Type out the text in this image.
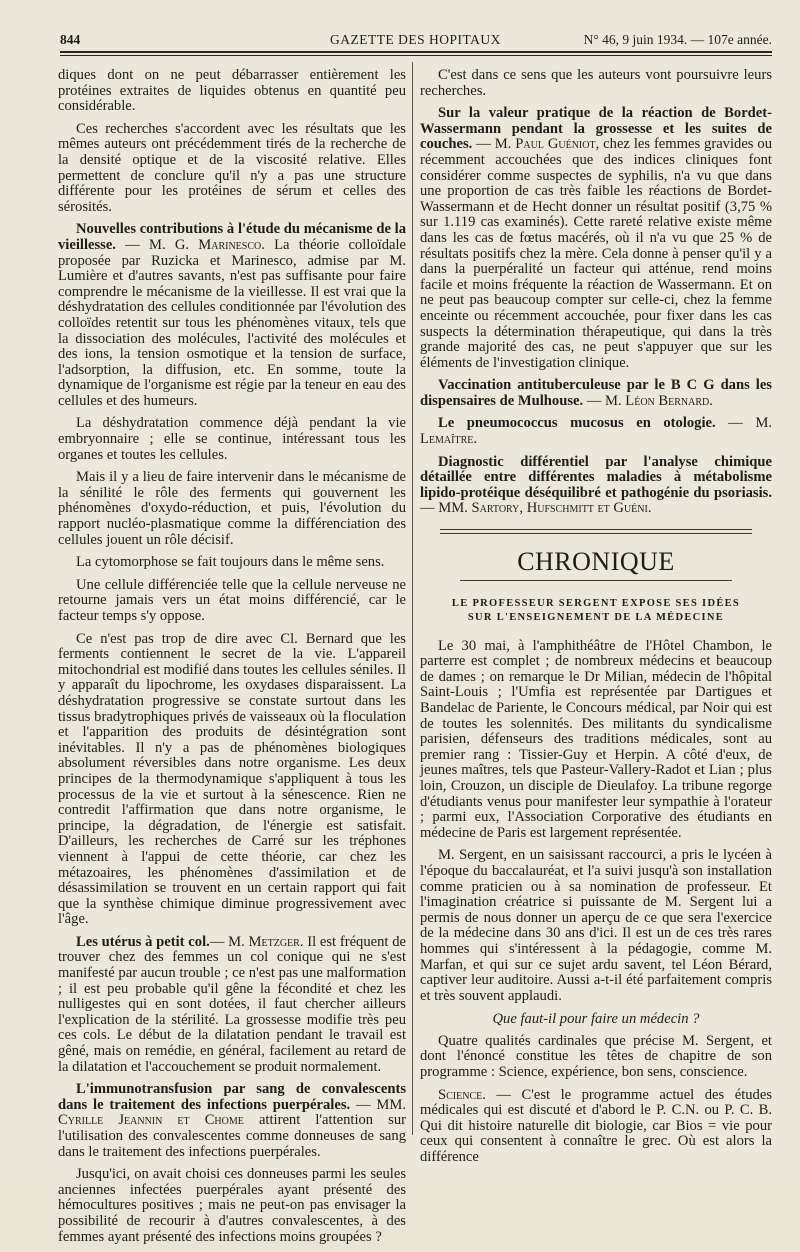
844	GAZETTE DES HOPITAUX	N° 46, 9 juin 1934. — 107e année.

diques dont on ne peut débarrasser entièrement les protéines extraites de liquides obtenus en quantité peu considérable.

Ces recherches s'accordent avec les résultats que les mêmes auteurs ont précédemment tirés de la recherche de la densité optique et de la viscosité relative. Elles permettent de conclure qu'il n'y a pas une structure différente pour les protéines de sérum et celles des sérosités.

Nouvelles contributions à l'étude du mécanisme de la vieillesse. — M. G. Marinesco. La théorie colloïdale proposée par Ruzicka et Marinesco, admise par M. Lumière et d'autres savants, n'est pas suffisante pour faire comprendre le mécanisme de la vieillesse. Il est vrai que la déshydratation des cellules conditionnée par l'évolution des colloïdes retentit sur tous les phénomènes vitaux, tels que la dissociation des molécules, l'activité des molécules et des ions, la tension osmotique et la tension de surface, l'adsorption, la diffusion, etc. En somme, toute la dynamique de l'organisme est régie par la teneur en eau des cellules et des humeurs.

La déshydratation commence déjà pendant la vie embryonnaire ; elle se continue, intéressant tous les organes et toutes les cellules.

Mais il y a lieu de faire intervenir dans le mécanisme de la sénilité le rôle des ferments qui gouvernent les phénomènes d'oxydo-réduction, et puis, l'évolution du rapport nucléo-plasmatique comme la différenciation des cellules jouent un rôle décisif.

La cytomorphose se fait toujours dans le même sens.

Une cellule différenciée telle que la cellule nerveuse ne retourne jamais vers un état moins différencié, car le facteur temps s'y oppose.

Ce n'est pas trop de dire avec Cl. Bernard que les ferments contiennent le secret de la vie. L'appareil mitochondrial est modifié dans toutes les cellules séniles. Il y apparaît du lipochrome, les oxydases disparaissent. La déshydratation progressive se constate surtout dans les tissus bradytrophiques privés de vaisseaux où la floculation et l'apparition des produits de désintégration sont inévitables. Il n'y a pas de phénomènes biologiques absolument réversibles dans notre organisme. Les deux principes de la thermodynamique s'appliquent à tous les processus de la vie et surtout à la sénescence. Rien ne contredit l'affirmation que dans notre organisme, le principe, la dégradation, de l'énergie est satisfait. D'ailleurs, les recherches de Carré sur les tréphones viennent à l'appui de cette théorie, car chez les métazoaires, les phénomènes d'assimilation et de désassimilation se trouvent en un certain rapport qui fait que la synthèse chimique diminue progressivement avec l'âge.

Les utérus à petit col.— M. Metzger. Il est fréquent de trouver chez des femmes un col conique qui ne s'est manifesté par aucun trouble ; ce n'est pas une malformation ; il est peu probable qu'il gêne la fécondité et chez les nulligestes qui en sont dotées, il faut chercher ailleurs l'explication de la stérilité. La grossesse modifie très peu ces cols. Le début de la dilatation pendant le travail est gêné, mais on remédie, en général, facilement au retard de la dilatation et l'accouchement se produit normalement.

L'immunotransfusion par sang de convalescents dans le traitement des infections puerpérales. — MM. Cyrille Jeannin et Chome attirent l'attention sur l'utilisation des convalescentes comme donneuses de sang dans le traitement des infections puerpérales.

Jusqu'ici, on avait choisi ces donneuses parmi les seules anciennes infectées puerpérales ayant présenté des hémocultures positives ; mais ne peut-on pas envisager la possibilité de recourir à d'autres convalescentes, à des femmes ayant présenté des infections moins groupées ?

C'est dans ce sens que les auteurs vont poursuivre leurs recherches.

Sur la valeur pratique de la réaction de Bordet-Wassermann pendant la grossesse et les suites de couches. — M. Paul Guéniot, chez les femmes gravides ou récemment accouchées que des indices cliniques font considérer comme suspectes de syphilis, n'a vu que dans une proportion de cas très faible les réactions de Bordet-Wassermann et de Hecht donner un résultat positif (3,75 % sur 1.119 cas examinés). Cette rareté relative existe même dans les cas de fœtus macérés, où il n'a vu que 25 % de résultats positifs chez la mère. Cela donne à penser qu'il y a dans la puerpéralité un facteur qui atténue, rend moins facile et moins fréquente la réaction de Wassermann. Et on ne peut pas beaucoup compter sur celle-ci, chez la femme enceinte ou récemment accouchée, pour fixer dans les cas suspects la détermination thérapeutique, qui dans la très grande majorité des cas, ne peut s'appuyer que sur les éléments de l'investigation clinique.

Vaccination antituberculeuse par le B C G dans les dispensaires de Mulhouse. — M. Léon Bernard.

Le pneumococcus mucosus en otologie. — M. Lemaître.

Diagnostic différentiel par l'analyse chimique détaillée entre différentes maladies à métabolisme lipido-protéique déséquilibré et pathogénie du psoriasis. — MM. Sartory, Hufschmitt et Guéni.

CHRONIQUE
LE PROFESSEUR SERGENT EXPOSE SES IDÉES
SUR L'ENSEIGNEMENT DE LA MÉDECINE

Le 30 mai, à l'amphithéâtre de l'Hôtel Chambon, le parterre est complet ; de nombreux médecins et beaucoup de dames ; on remarque le Dr Milian, médecin de l'hôpital Saint-Louis ; l'Umfia est représentée par Dartigues et Bandelac de Pariente, le Concours médical, par Noir qui est de toutes les solennités. Des militants du syndicalisme parisien, défenseurs des traditions médicales, sont au premier rang : Tissier-Guy et Herpin. A côté d'eux, de jeunes maîtres, tels que Pasteur-Vallery-Radot et Lian ; plus loin, Crouzon, un disciple de Dieulafoy. La tribune regorge d'étudiants venus pour manifester leur sympathie à l'orateur ; parmi eux, l'Association Corporative des étudiants en médecine de Paris est largement représentée.

M. Sergent, en un saisissant raccourci, a pris le lycéen à l'époque du baccalauréat, et l'a suivi jusqu'à son installation comme praticien ou à sa nomination de professeur. Et l'imagination créatrice si puissante de M. Sergent lui a permis de nous donner un aperçu de ce que sera l'exercice de la médecine dans 30 ans d'ici. Il est un de ces très rares hommes qui s'intéressent à la pédagogie, comme M. Marfan, et qui sur ce sujet ardu savent, tel Léon Bérard, captiver leur auditoire. Aussi a-t-il été parfaitement compris et très souvent applaudi.

Que faut-il pour faire un médecin ?

Quatre qualités cardinales que précise M. Sergent, et dont l'énoncé constitue les têtes de chapitre de son programme : Science, expérience, bon sens, conscience.

Science. — C'est le programme actuel des études médicales qui est discuté et d'abord le P. C.N. ou P. C. B. Qui dit histoire naturelle dit biologie, car Bios = vie pour ceux qui consentent à connaître le grec. Où est alors la différence
